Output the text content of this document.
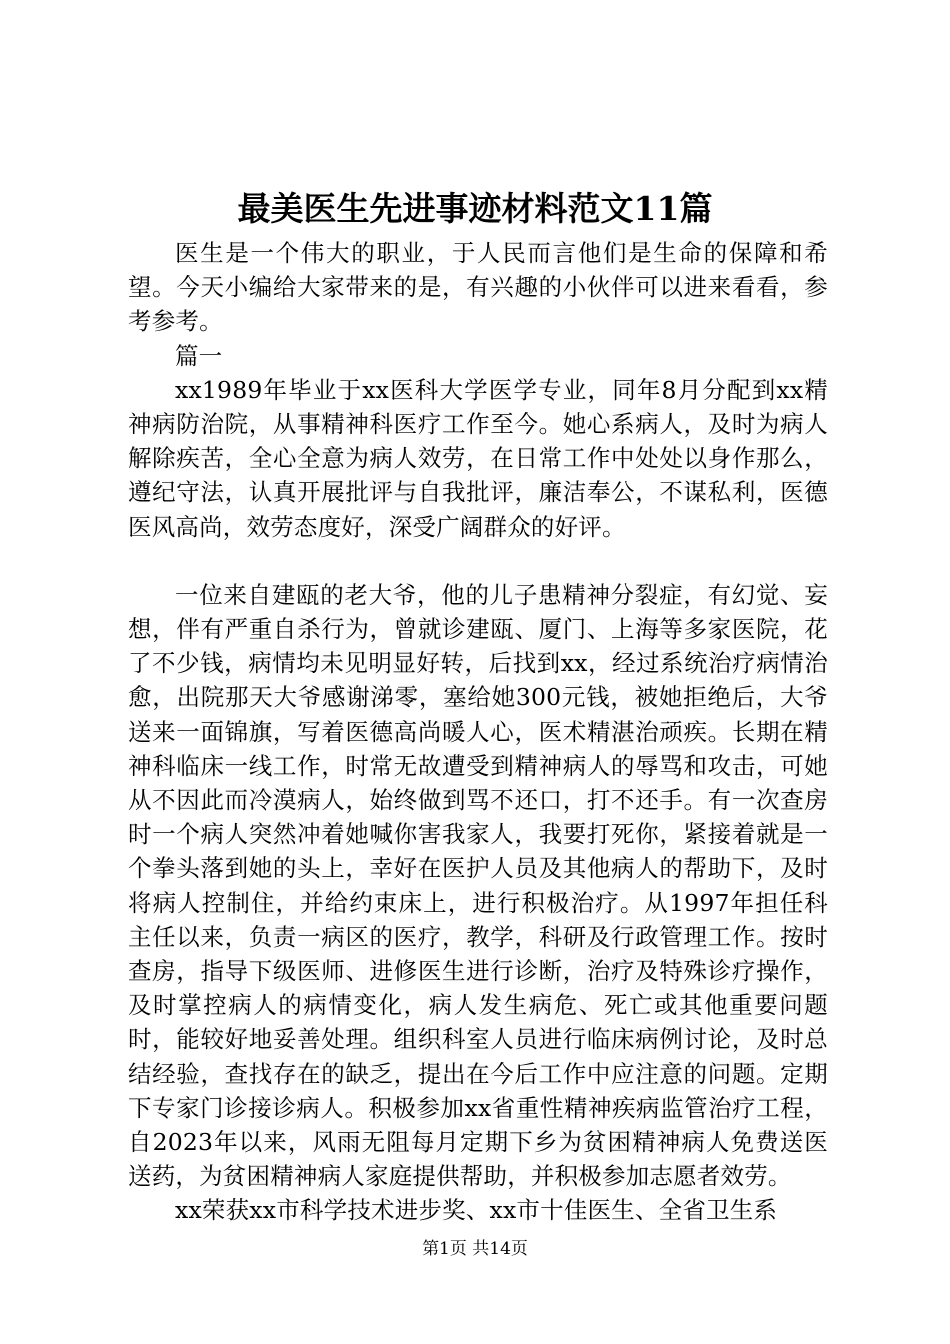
最美医生先进事迹材料范文11篇

医生是一个伟大的职业，于人民而言他们是生命的保障和希望。今天小编给大家带来的是，有兴趣的小伙伴可以进来看看，参考参考。

篇一

xx1989年毕业于xx医科大学医学专业，同年8月分配到xx精神病防治院，从事精神科医疗工作至今。她心系病人，及时为病人解除疾苦，全心全意为病人效劳，在日常工作中处处以身作那么，遵纪守法，认真开展批评与自我批评，廉洁奉公，不谋私利，医德医风高尚，效劳态度好，深受广阔群众的好评。

一位来自建瓯的老大爷，他的儿子患精神分裂症，有幻觉、妄想，伴有严重自杀行为，曾就诊建瓯、厦门、上海等多家医院，花了不少钱，病情均未见明显好转，后找到xx，经过系统治疗病情治愈，出院那天大爷感谢涕零，塞给她300元钱，被她拒绝后，大爷送来一面锦旗，写着医德高尚暖人心，医术精湛治顽疾。长期在精神科临床一线工作，时常无故遭受到精神病人的辱骂和攻击，可她从不因此而冷漠病人，始终做到骂不还口，打不还手。有一次查房时一个病人突然冲着她喊你害我家人，我要打死你，紧接着就是一个拳头落到她的头上，幸好在医护人员及其他病人的帮助下，及时将病人控制住，并给约束床上，进行积极治疗。从1997年担任科主任以来，负责一病区的医疗，教学，科研及行政管理工作。按时查房，指导下级医师、进修医生进行诊断，治疗及特殊诊疗操作，及时掌控病人的病情变化，病人发生病危、死亡或其他重要问题时，能较好地妥善处理。组织科室人员进行临床病例讨论，及时总结经验，查找存在的缺乏，提出在今后工作中应注意的问题。定期下专家门诊接诊病人。积极参加xx省重性精神疾病监管治疗工程，自2023年以来，风雨无阻每月定期下乡为贫困精神病人免费送医送药，为贫困精神病人家庭提供帮助，并积极参加志愿者效劳。

xx荣获xx市科学技术进步奖、xx市十佳医生、全省卫生系

第1页 共14页
